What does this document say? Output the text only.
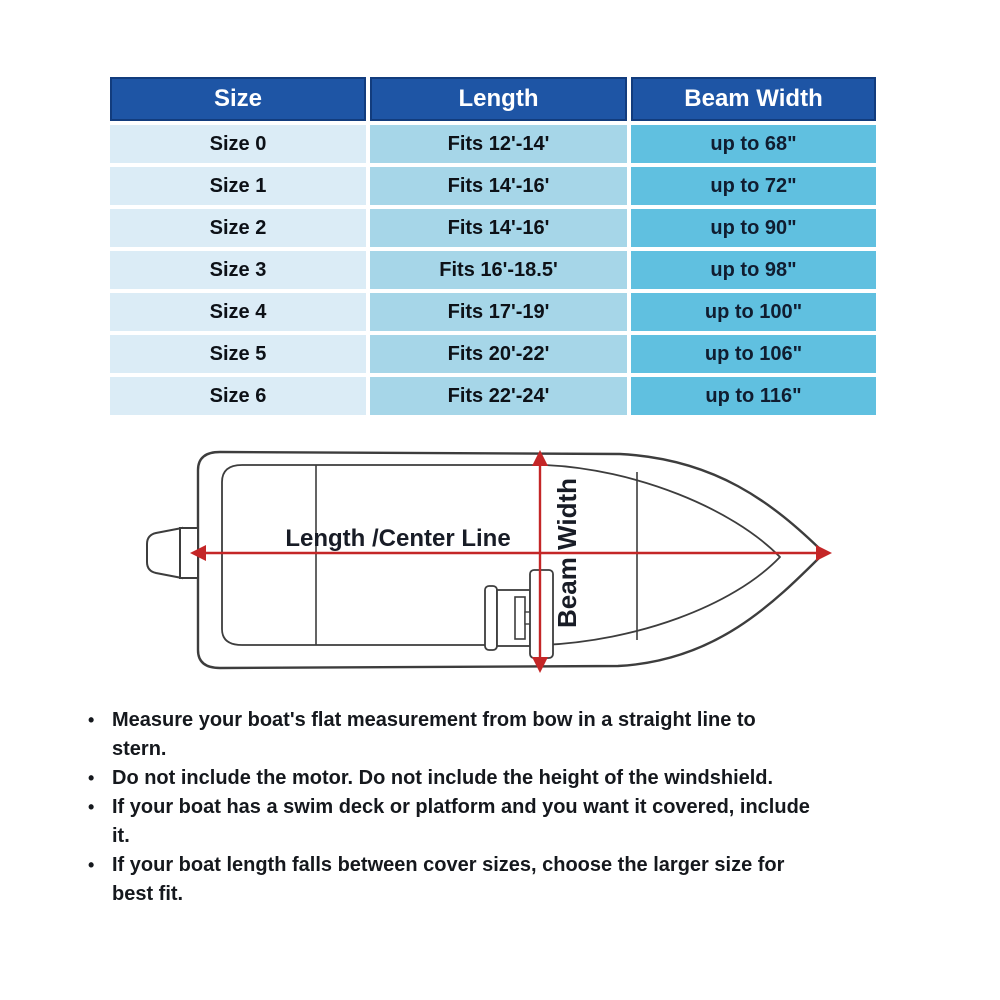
Size	Length	Beam Width
Size 0	Fits 12'-14'	up to 68"
Size 1	Fits 14'-16'	up to 72"
Size 2	Fits 14'-16'	up to 90"
Size 3	Fits 16'-18.5'	up to 98"
Size 4	Fits 17'-19'	up to 100"
Size 5	Fits 20'-22'	up to 106"
Size 6	Fits 22'-24'	up to 116"
Length /Center Line Beam Width
• Measure your boat's flat measurement from bow in a straight line to
stern.
• Do not include the motor. Do not include the height of the windshield.
• If your boat has a swim deck or platform and you want it covered, include
it.
• If your boat length falls between cover sizes, choose the larger size for
best fit.
